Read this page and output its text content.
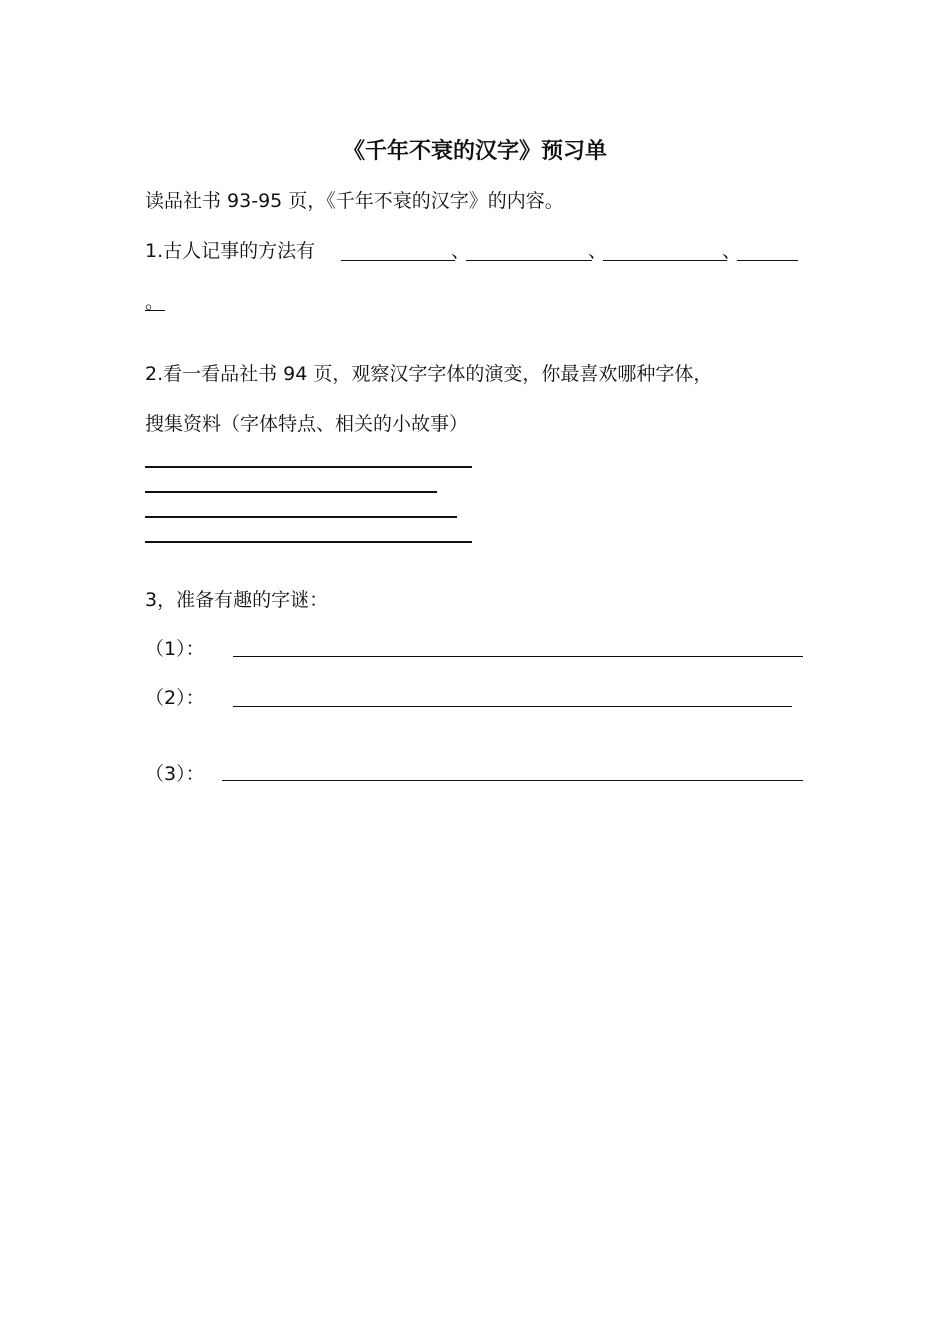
《千年不衰的汉字》预习单
读品社书 93-95 页，《千年不衰的汉字》的内容。
1.古人记事的方法有	、	、	、
。
2.看一看品社书 94 页，观察汉字字体的演变，你最喜欢哪种字体，
搜集资料（字体特点、相关的小故事）
3，准备有趣的字谜：
（1）：
（2）：
（3）：
